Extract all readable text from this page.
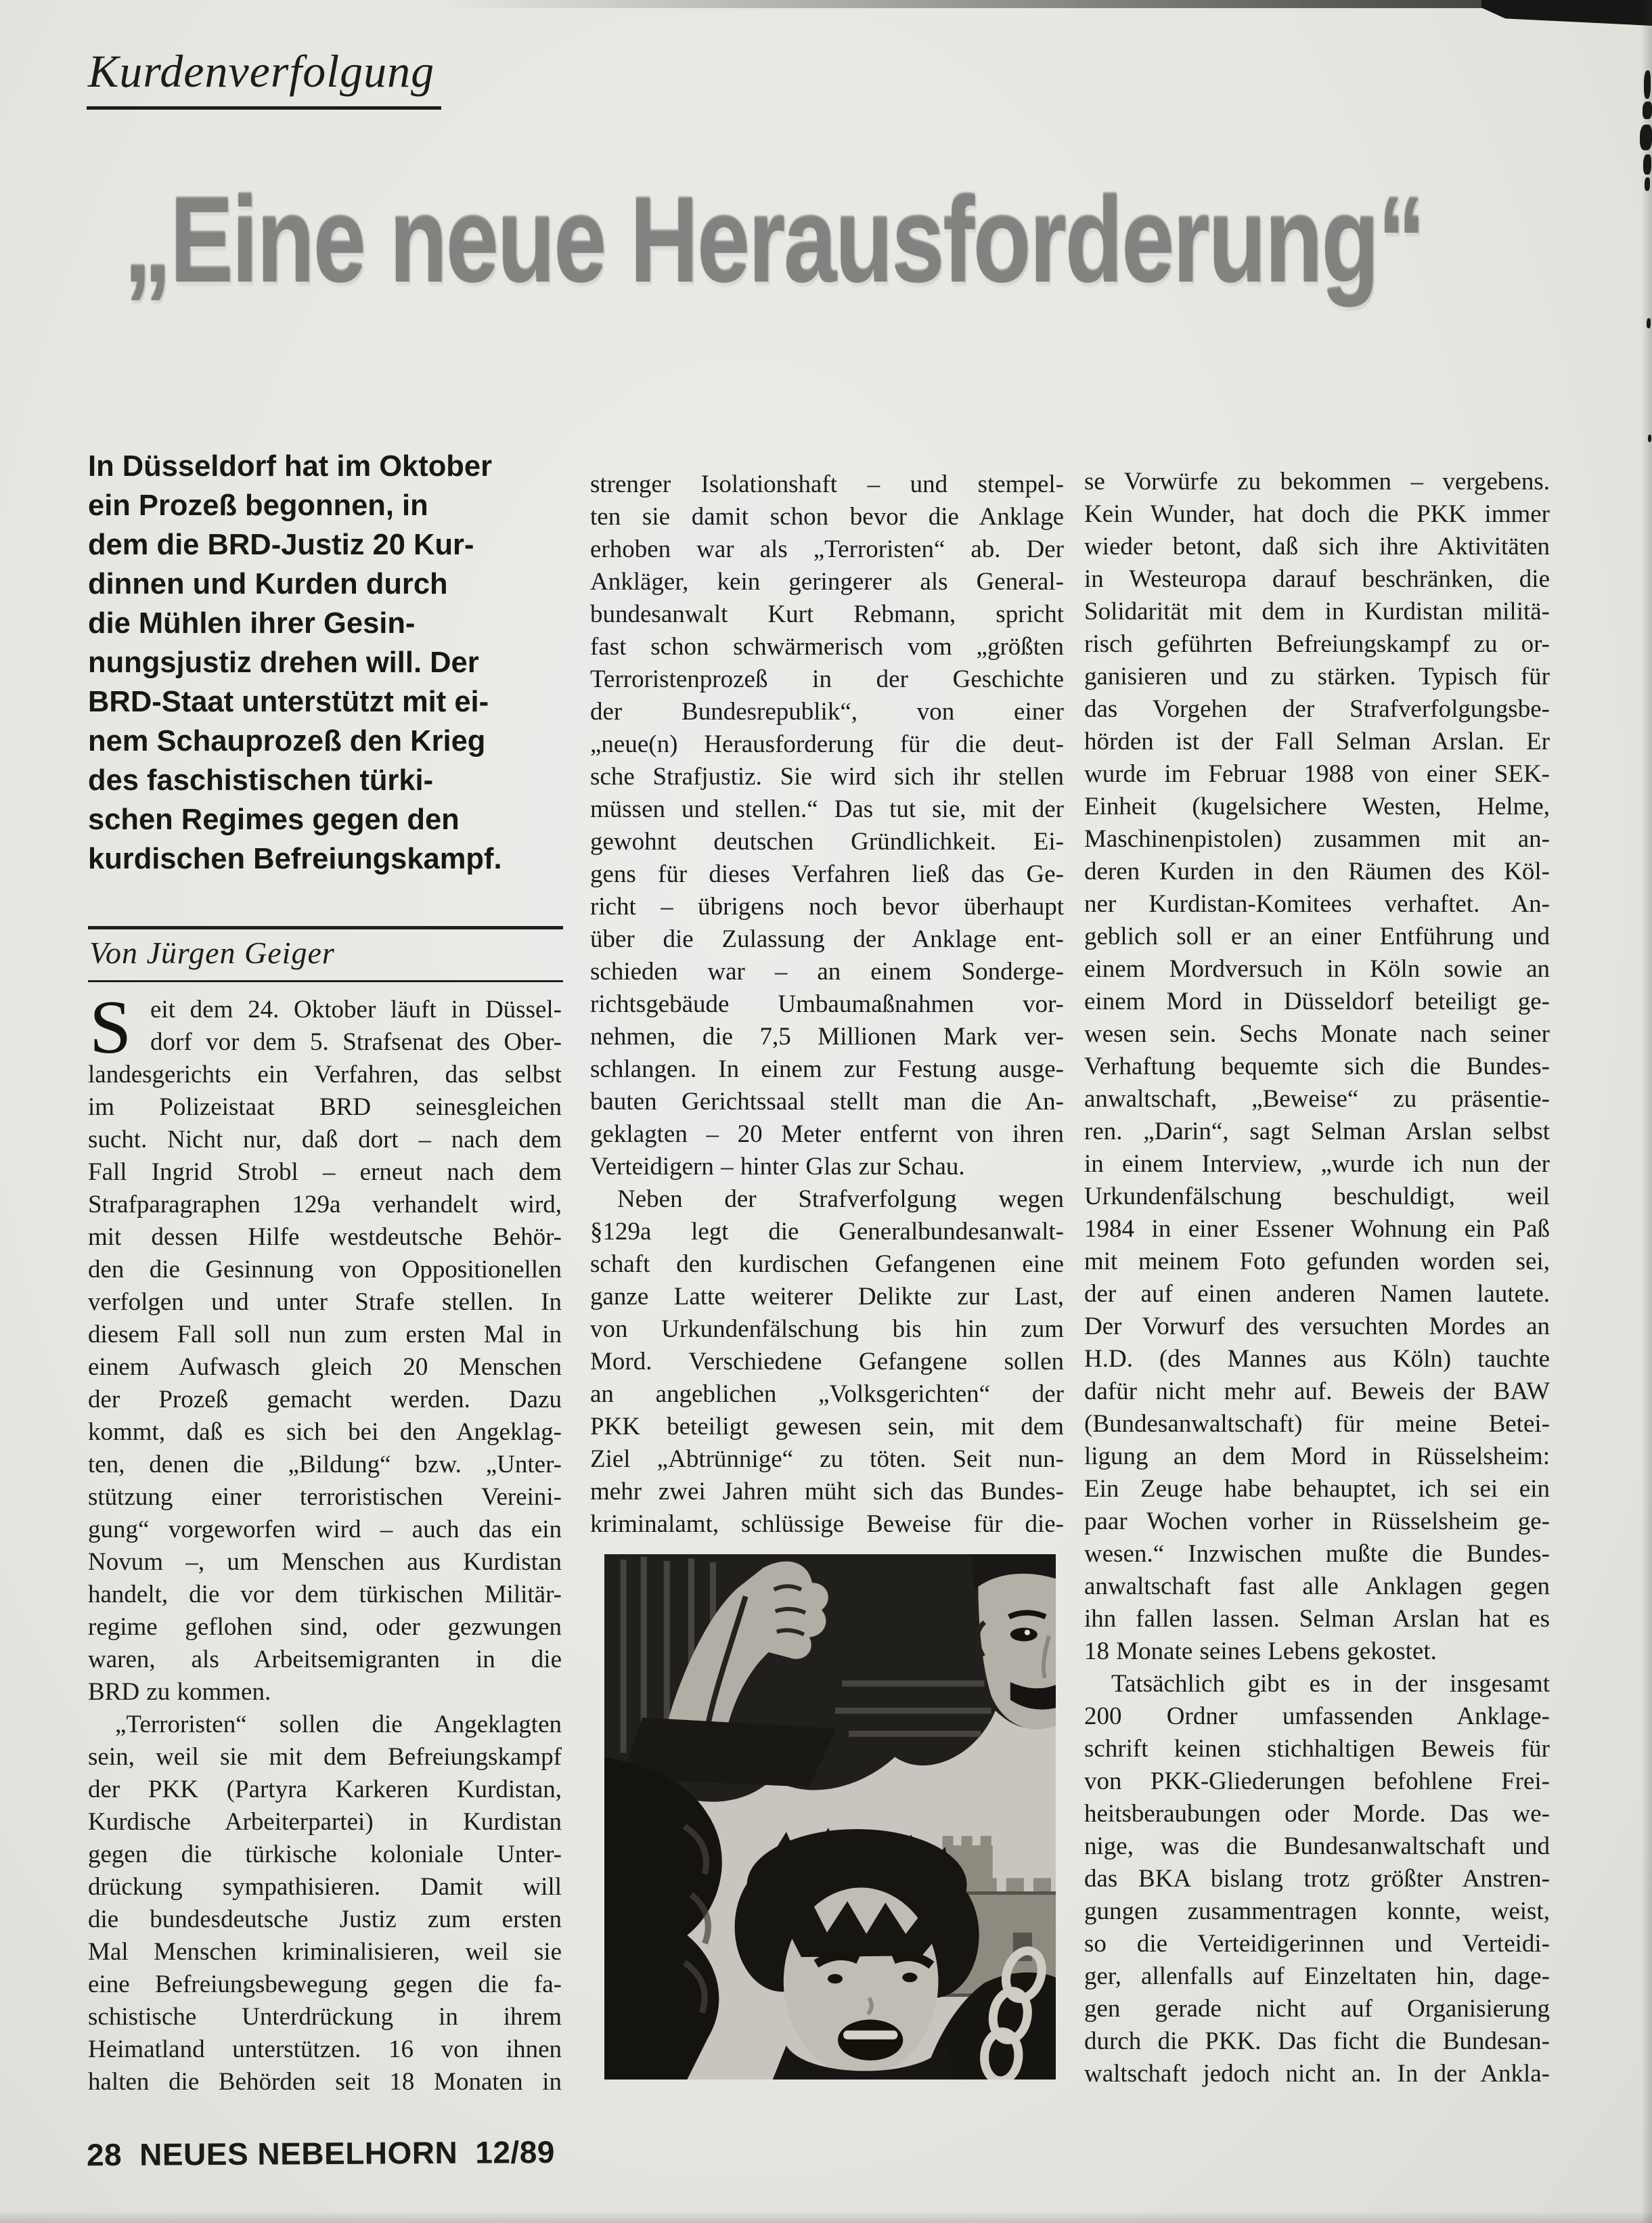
Kurdenverfolgung
„Eine neue Herausforderung“
In Düsseldorf hat im Oktober
ein Prozeß begonnen, in
dem die BRD-Justiz 20 Kur-
dinnen und Kurden durch
die Mühlen ihrer Gesin-
nungsjustiz drehen will. Der
BRD-Staat unterstützt mit ei-
nem Schauprozeß den Krieg
des faschistischen türki-
schen Regimes gegen den
kurdischen Befreiungskampf.
Von Jürgen Geiger
S eit dem 24. Oktober läuft in Düssel-
dorf vor dem 5. Strafsenat des Ober-
landesgerichts ein Verfahren, das selbst
im Polizeistaat BRD seinesgleichen
sucht. Nicht nur, daß dort – nach dem
Fall Ingrid Strobl – erneut nach dem
Strafparagraphen 129a verhandelt wird,
mit dessen Hilfe westdeutsche Behör-
den die Gesinnung von Oppositionellen
verfolgen und unter Strafe stellen. In
diesem Fall soll nun zum ersten Mal in
einem Aufwasch gleich 20 Menschen
der Prozeß gemacht werden. Dazu
kommt, daß es sich bei den Angeklag-
ten, denen die „Bildung“ bzw. „Unter-
stützung einer terroristischen Vereini-
gung“ vorgeworfen wird – auch das ein
Novum –, um Menschen aus Kurdistan
handelt, die vor dem türkischen Militär-
regime geflohen sind, oder gezwungen
waren, als Arbeitsemigranten in die
BRD zu kommen.
„Terroristen“ sollen die Angeklagten
sein, weil sie mit dem Befreiungskampf
der PKK (Partyra Karkeren Kurdistan,
Kurdische Arbeiterpartei) in Kurdistan
gegen die türkische koloniale Unter-
drückung sympathisieren. Damit will
die bundesdeutsche Justiz zum ersten
Mal Menschen kriminalisieren, weil sie
eine Befreiungsbewegung gegen die fa-
schistische Unterdrückung in ihrem
Heimatland unterstützen. 16 von ihnen
halten die Behörden seit 18 Monaten in
strenger Isolationshaft – und stempel-
ten sie damit schon bevor die Anklage
erhoben war als „Terroristen“ ab. Der
Ankläger, kein geringerer als General-
bundesanwalt Kurt Rebmann, spricht
fast schon schwärmerisch vom „größten
Terroristenprozeß in der Geschichte
der Bundesrepublik“, von einer
„neue(n) Herausforderung für die deut-
sche Strafjustiz. Sie wird sich ihr stellen
müssen und stellen.“ Das tut sie, mit der
gewohnt deutschen Gründlichkeit. Ei-
gens für dieses Verfahren ließ das Ge-
richt – übrigens noch bevor überhaupt
über die Zulassung der Anklage ent-
schieden war – an einem Sonderge-
richtsgebäude Umbaumaßnahmen vor-
nehmen, die 7,5 Millionen Mark ver-
schlangen. In einem zur Festung ausge-
bauten Gerichtssaal stellt man die An-
geklagten – 20 Meter entfernt von ihren
Verteidigern – hinter Glas zur Schau.
Neben der Strafverfolgung wegen
§129a legt die Generalbundesanwalt-
schaft den kurdischen Gefangenen eine
ganze Latte weiterer Delikte zur Last,
von Urkundenfälschung bis hin zum
Mord. Verschiedene Gefangene sollen
an angeblichen „Volksgerichten“ der
PKK beteiligt gewesen sein, mit dem
Ziel „Abtrünnige“ zu töten. Seit nun-
mehr zwei Jahren müht sich das Bundes-
kriminalamt, schlüssige Beweise für die-
se Vorwürfe zu bekommen – vergebens.
Kein Wunder, hat doch die PKK immer
wieder betont, daß sich ihre Aktivitäten
in Westeuropa darauf beschränken, die
Solidarität mit dem in Kurdistan militä-
risch geführten Befreiungskampf zu or-
ganisieren und zu stärken. Typisch für
das Vorgehen der Strafverfolgungsbe-
hörden ist der Fall Selman Arslan. Er
wurde im Februar 1988 von einer SEK-
Einheit (kugelsichere Westen, Helme,
Maschinenpistolen) zusammen mit an-
deren Kurden in den Räumen des Köl-
ner Kurdistan-Komitees verhaftet. An-
geblich soll er an einer Entführung und
einem Mordversuch in Köln sowie an
einem Mord in Düsseldorf beteiligt ge-
wesen sein. Sechs Monate nach seiner
Verhaftung bequemte sich die Bundes-
anwaltschaft, „Beweise“ zu präsentie-
ren. „Darin“, sagt Selman Arslan selbst
in einem Interview, „wurde ich nun der
Urkundenfälschung beschuldigt, weil
1984 in einer Essener Wohnung ein Paß
mit meinem Foto gefunden worden sei,
der auf einen anderen Namen lautete.
Der Vorwurf des versuchten Mordes an
H.D. (des Mannes aus Köln) tauchte
dafür nicht mehr auf. Beweis der BAW
(Bundesanwaltschaft) für meine Betei-
ligung an dem Mord in Rüsselsheim:
Ein Zeuge habe behauptet, ich sei ein
paar Wochen vorher in Rüsselsheim ge-
wesen.“ Inzwischen mußte die Bundes-
anwaltschaft fast alle Anklagen gegen
ihn fallen lassen. Selman Arslan hat es
18 Monate seines Lebens gekostet.
Tatsächlich gibt es in der insgesamt
200 Ordner umfassenden Anklage-
schrift keinen stichhaltigen Beweis für
von PKK-Gliederungen befohlene Frei-
heitsberaubungen oder Morde. Das we-
nige, was die Bundesanwaltschaft und
das BKA bislang trotz größter Anstren-
gungen zusammentragen konnte, weist,
so die Verteidigerinnen und Verteidi-
ger, allenfalls auf Einzeltaten hin, dage-
gen gerade nicht auf Organisierung
durch die PKK. Das ficht die Bundesan-
waltschaft jedoch nicht an. In der Ankla-
28 NEUES NEBELHORN 12/89
